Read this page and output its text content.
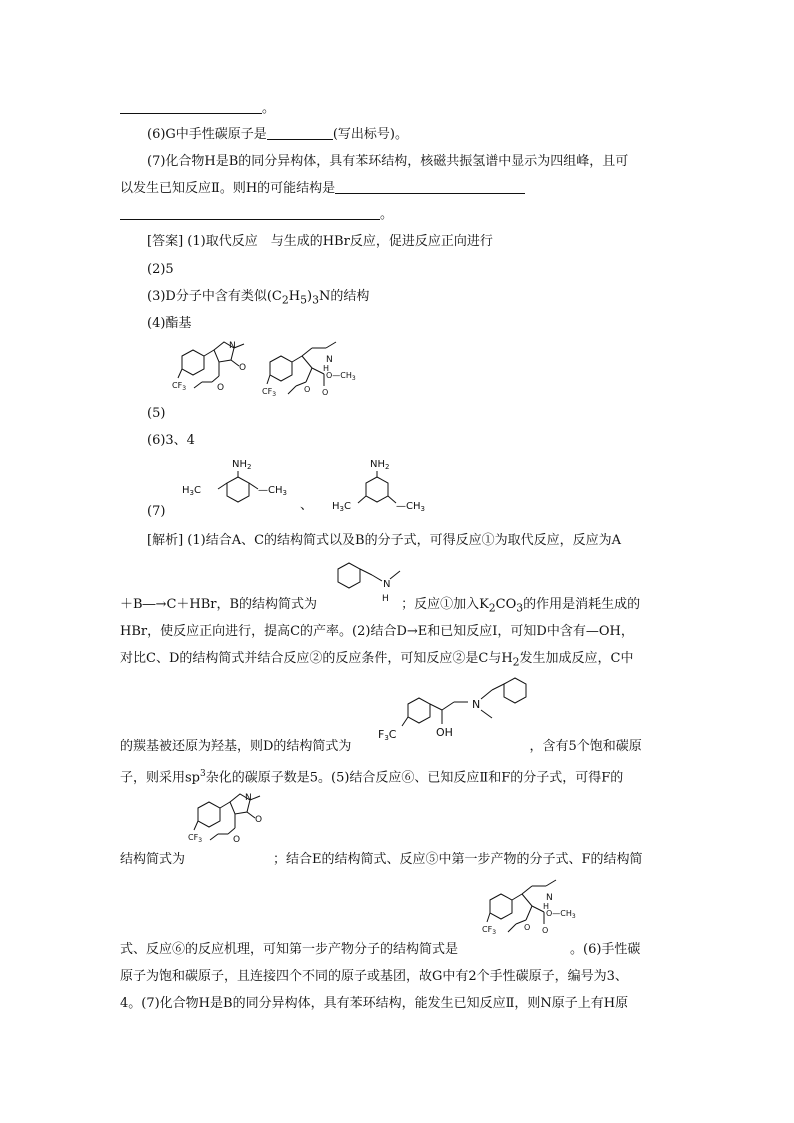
。
(6)G中手性碳原子是	(写出标号)。
(7)化合物H是B的同分异构体，具有苯环结构，核磁共振氢谱中显示为四组峰，且可
以发生已知反应Ⅱ。则H的可能结构是
。
[答案] (1)取代反应　与生成的HBr反应，促进反应正向进行
(2)5
(3)D分子中含有类似$(C_2H_5)_3N$的结构
(4)酯基
O
N
O
$CF_3$
N
H
$O—CH_3$
O
O
$CF_3$
(5)
(6)3、4
$NH_2$
$H_3C$	$—CH_3$
$NH_2$
$H_3C$	$—CH_3$
(7)	、
[解析] (1)结合A、C的结构简式以及B的分子式，可得反应①为取代反应，反应为A
N
H
＋B―→C＋HBr，B的结构简式为	；反应①加入$K_2CO_3$的作用是消耗生成的
HBr，使反应正向进行，提高C的产率。(2)结合D→E和已知反应Ⅰ，可知D中含有—OH，
对比C、D的结构简式并结合反应②的反应条件，可知反应②是C与$H_2$发生加成反应，C中
F3C
N
OH
的羰基被还原为羟基，则D的结构简式为	，含有5个饱和碳原
子，则采用$sp^3$杂化的碳原子数是5。(5)结合反应⑥、已知反应Ⅱ和F的分子式，可得F的
N
O
O
$CF_3$
结构简式为	；结合E的结构简式、反应⑤中第一步产物的分子式、F的结构简
N
H
$O—CH_3$
O
O
$CF_3$
式、反应⑥的反应机理，可知第一步产物分子的结构简式是	。(6)手性碳
原子为饱和碳原子，且连接四个不同的原子或基团，故G中有2个手性碳原子，编号为3、
4。(7)化合物H是B的同分异构体，具有苯环结构，能发生已知反应Ⅱ，则N原子上有H原
